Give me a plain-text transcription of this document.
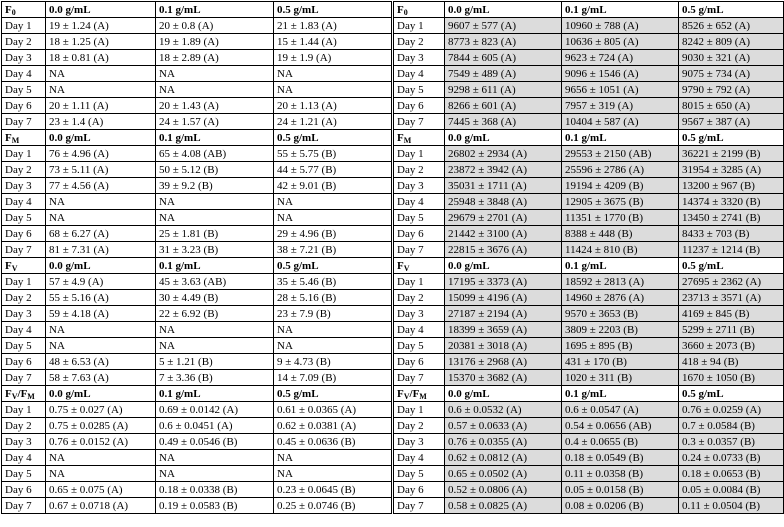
$F_0$	0.0 g/mL	0.1 g/mL	0.5 g/mL
Day 1	19 ± 1.24 (A)	20 ± 0.8 (A)	21 ± 1.83 (A)
Day 2	18 ± 1.25 (A)	19 ± 1.89 (A)	15 ± 1.44 (A)
Day 3	18 ± 0.81 (A)	18 ± 2.89 (A)	19 ± 1.9 (A)
Day 4	NA	NA	NA
Day 5	NA	NA	NA
Day 6	20 ± 1.11 (A)	20 ± 1.43 (A)	20 ± 1.13 (A)
Day 7	23 ± 1.4 (A)	24 ± 1.57 (A)	24 ± 1.21 (A)
$F_M$	0.0 g/mL	0.1 g/mL	0.5 g/mL
Day 1	76 ± 4.96 (A)	65 ± 4.08 (AB)	55 ± 5.75 (B)
Day 2	73 ± 5.11 (A)	50 ± 5.12 (B)	44 ± 5.77 (B)
Day 3	77 ± 4.56 (A)	39 ± 9.2 (B)	42 ± 9.01 (B)
Day 4	NA	NA	NA
Day 5	NA	NA	NA
Day 6	68 ± 6.27 (A)	25 ± 1.81 (B)	29 ± 4.96 (B)
Day 7	81 ± 7.31 (A)	31 ± 3.23 (B)	38 ± 7.21 (B)
$F_V$	0.0 g/mL	0.1 g/mL	0.5 g/mL
Day 1	57 ± 4.9 (A)	45 ± 3.63 (AB)	35 ± 5.46 (B)
Day 2	55 ± 5.16 (A)	30 ± 4.49 (B)	28 ± 5.16 (B)
Day 3	59 ± 4.18 (A)	22 ± 6.92 (B)	23 ± 7.9 (B)
Day 4	NA	NA	NA
Day 5	NA	NA	NA
Day 6	48 ± 6.53 (A)	5 ± 1.21 (B)	9 ± 4.73 (B)
Day 7	58 ± 7.63 (A)	7 ± 3.36 (B)	14 ± 7.09 (B)
$F_V/F_M$	0.0 g/mL	0.1 g/mL	0.5 g/mL
Day 1	0.75 ± 0.027 (A)	0.69 ± 0.0142 (A)	0.61 ± 0.0365 (A)
Day 2	0.75 ± 0.0285 (A)	0.6 ± 0.0451 (A)	0.62 ± 0.0381 (A)
Day 3	0.76 ± 0.0152 (A)	0.49 ± 0.0546 (B)	0.45 ± 0.0636 (B)
Day 4	NA	NA	NA
Day 5	NA	NA	NA
Day 6	0.65 ± 0.075 (A)	0.18 ± 0.0338 (B)	0.23 ± 0.0645 (B)
Day 7	0.67 ± 0.0718 (A)	0.19 ± 0.0583 (B)	0.25 ± 0.0746 (B)
$F_0$	0.0 g/mL	0.1 g/mL	0.5 g/mL
Day 1	9607 ± 577 (A)	10960 ± 788 (A)	8526 ± 652 (A)
Day 2	8773 ± 823 (A)	10636 ± 805 (A)	8242 ± 809 (A)
Day 3	7844 ± 605 (A)	9623 ± 724 (A)	9030 ± 321 (A)
Day 4	7549 ± 489 (A)	9096 ± 1546 (A)	9075 ± 734 (A)
Day 5	9298 ± 611 (A)	9656 ± 1051 (A)	9790 ± 792 (A)
Day 6	8266 ± 601 (A)	7957 ± 319 (A)	8015 ± 650 (A)
Day 7	7445 ± 368 (A)	10404 ± 587 (A)	9567 ± 387 (A)
$F_M$	0.0 g/mL	0.1 g/mL	0.5 g/mL
Day 1	26802 ± 2934 (A)	29553 ± 2150 (AB)	36221 ± 2199 (B)
Day 2	23872 ± 3942 (A)	25596 ± 2786 (A)	31954 ± 3285 (A)
Day 3	35031 ± 1711 (A)	19194 ± 4209 (B)	13200 ± 967 (B)
Day 4	25948 ± 3848 (A)	12905 ± 3675 (B)	14374 ± 3320 (B)
Day 5	29679 ± 2701 (A)	11351 ± 1770 (B)	13450 ± 2741 (B)
Day 6	21442 ± 3100 (A)	8388 ± 448 (B)	8433 ± 703 (B)
Day 7	22815 ± 3676 (A)	11424 ± 810 (B)	11237 ± 1214 (B)
$F_V$	0.0 g/mL	0.1 g/mL	0.5 g/mL
Day 1	17195 ± 3373 (A)	18592 ± 2813 (A)	27695 ± 2362 (A)
Day 2	15099 ± 4196 (A)	14960 ± 2876 (A)	23713 ± 3571 (A)
Day 3	27187 ± 2194 (A)	9570 ± 3653 (B)	4169 ± 845 (B)
Day 4	18399 ± 3659 (A)	3809 ± 2203 (B)	5299 ± 2711 (B)
Day 5	20381 ± 3018 (A)	1695 ± 895 (B)	3660 ± 2073 (B)
Day 6	13176 ± 2968 (A)	431 ± 170 (B)	418 ± 94 (B)
Day 7	15370 ± 3682 (A)	1020 ± 311 (B)	1670 ± 1050 (B)
$F_V/F_M$	0.0 g/mL	0.1 g/mL	0.5 g/mL
Day 1	0.6 ± 0.0532 (A)	0.6 ± 0.0547 (A)	0.76 ± 0.0259 (A)
Day 2	0.57 ± 0.0633 (A)	0.54 ± 0.0656 (AB)	0.7 ± 0.0584 (B)
Day 3	0.76 ± 0.0355 (A)	0.4 ± 0.0655 (B)	0.3 ± 0.0357 (B)
Day 4	0.62 ± 0.0812 (A)	0.18 ± 0.0549 (B)	0.24 ± 0.0733 (B)
Day 5	0.65 ± 0.0502 (A)	0.11 ± 0.0358 (B)	0.18 ± 0.0653 (B)
Day 6	0.52 ± 0.0806 (A)	0.05 ± 0.0158 (B)	0.05 ± 0.0084 (B)
Day 7	0.58 ± 0.0825 (A)	0.08 ± 0.0206 (B)	0.11 ± 0.0504 (B)
